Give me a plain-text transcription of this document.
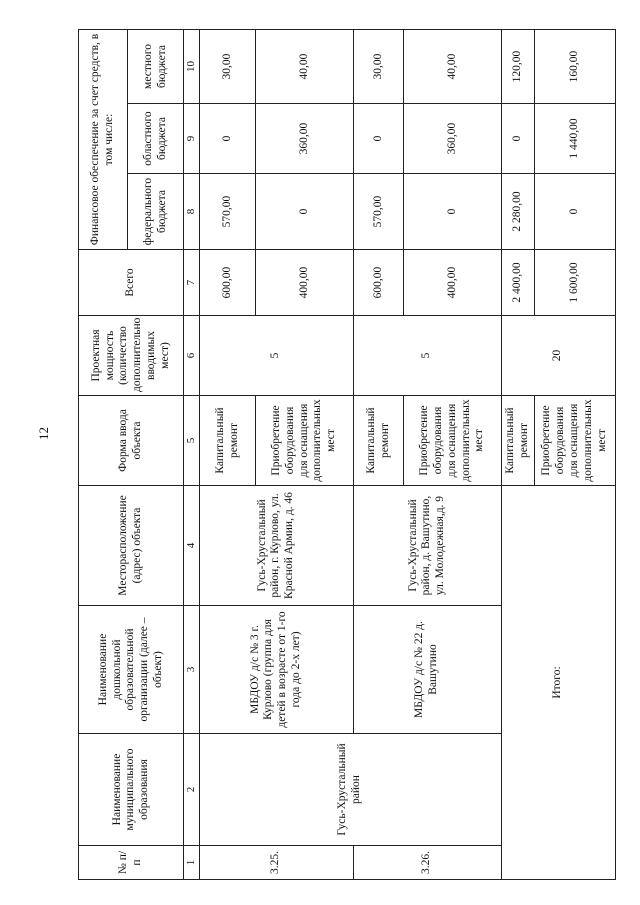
12
№ п/п	Наименование муниципального образования	Наименование дошкольной образовательной организации (далее – объект)	Месторасположение (адрес) объекта	Форма ввода объекта	Проектная мощность (количество дополнительно вводимых мест)	Всего	Финансовое обеспечение за счет средств, в том числе:		
							федерального бюджета	областного бюджета	местного бюджета
1	2	3	4	5	6	7	8	9	10
3.25.	Гусь-Хрустальный район	МБДОУ д/с № 3 г. Курлово (группа для детей в возрасте от 1-го года до 2-х лет)	Гусь-Хрустальный район, г. Курлово, ул. Красной Армии, д. 46	Капитальный ремонт	5	600,00	570,00	0	30,00
				Приобретение оборудования для оснащения дополнительных мест		400,00	0	360,00	40,00
3.26.		МБДОУ д/с № 22 д. Вашутино	Гусь-Хрустальный район, д. Вашутино, ул. Молодежная,д. 9	Капитальный ремонт	5	600,00	570,00	0	30,00
				Приобретение оборудования для оснащения дополнительных мест		400,00	0	360,00	40,00
Итого:				Капитальный ремонт	20	2 400,00	2 280,00	0	120,00
				Приобретение оборудования для оснащения дополнительных мест		1 600,00	0	1 440,00	160,00
